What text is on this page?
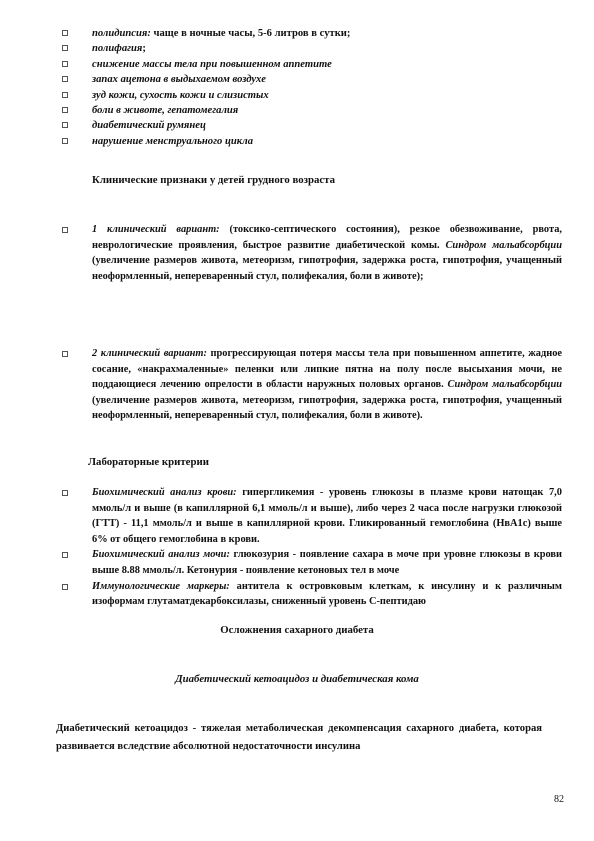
полидипсия: чаще в ночные часы, 5-6 литров в сутки;
полифагия;
снижение массы тела при повышенном аппетите
запах ацетона в выдыхаемом воздухе
зуд кожи, сухость кожи и слизистых
боли в животе, гепатомегалия
диабетический румянец
нарушение менструального цикла
Клинические признаки у детей грудного возраста

1 клинический вариант: (токсико-септического состояния), резкое обезвоживание, рвота, неврологические проявления, быстрое развитие диабетической комы. Синдром мальабсорбции (увеличение размеров живота, метеоризм, гипотрофия, задержка роста, гипотрофия, учащенный неоформленный, непереваренный стул, полифекалия, боли в животе);

2 клинический вариант: прогрессирующая потеря массы тела при повышенном аппетите, жадное сосание, «накрахмаленные» пеленки или липкие пятна на полу после высыхания мочи, не поддающиеся лечению опрелости в области наружных половых органов. Синдром мальабсорбции (увеличение размеров живота, метеоризм, гипотрофия, задержка роста, гипотрофия, учащенный неоформленный, непереваренный стул, полифекалия, боли в животе).

Лабораторные критерии

Биохимический анализ крови: гипергликемия - уровень глюкозы в плазме крови натощак 7,0 ммоль/л и выше (в капиллярной 6,1 ммоль/л и выше), либо через 2 часа после нагрузки глюкозой (ГТТ) - 11,1 ммоль/л и выше в капиллярной крови. Гликированный гемоглобина (НвА1с) выше 6% от общего гемоглобина в крови.

Биохимический анализ мочи: глюкозурия - появление сахара в моче при уровне глюкозы в крови выше 8.88 ммоль/л. Кетонурия - появление кетоновых тел в моче

Иммунологические маркеры: антитела к островковым клеткам, к инсулину и к различным изоформам глутаматдекарбоксилазы, сниженный уровень С-пептидаю

Осложнения сахарного диабета
Диабетический кетоацидоз и диабетическая кома

Диабетический кетоацидоз - тяжелая метаболическая декомпенсация сахарного диабета, которая развивается вследствие абсолютной недостаточности инсулина

82
